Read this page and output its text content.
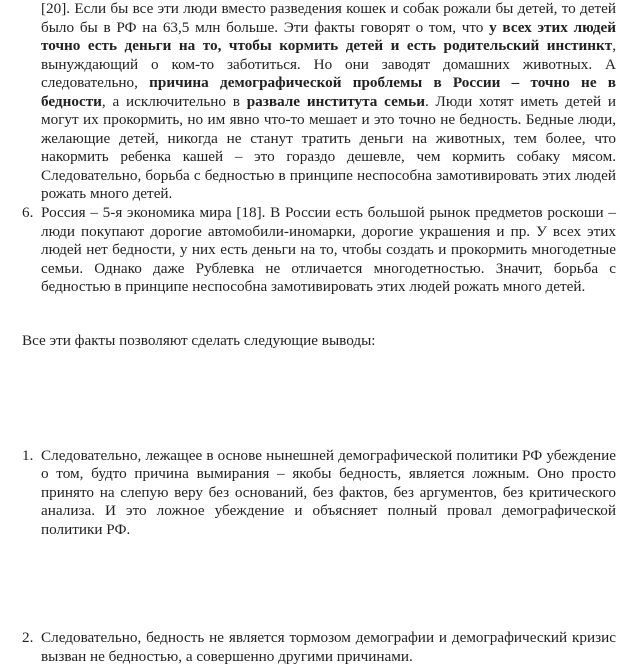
[20]. Если бы все эти люди вместо разведения кошек и собак рожали бы детей, то детей было бы в РФ на 63,5 млн больше. Эти факты говорят о том, что у всех этих людей точно есть деньги на то, чтобы кормить детей и есть родительский инстинкт, вынуждающий о ком-то заботиться. Но они заводят домашних животных. А следовательно, причина демографической проблемы в России – точно не в бедности, а исключительно в развале института семьи. Люди хотят иметь детей и могут их прокормить, но им явно что-то мешает и это точно не бедность. Бедные люди, желающие детей, никогда не станут тратить деньги на животных, тем более, что накормить ребенка кашей – это гораздо дешевле, чем кормить собаку мясом. Следовательно, борьба с бедностью в принципе неспособна замотивировать этих людей рожать много детей.

6. Россия – 5-я экономика мира [18]. В России есть большой рынок предметов роскоши – люди покупают дорогие автомобили-иномарки, дорогие украшения и пр. У всех этих людей нет бедности, у них есть деньги на то, чтобы создать и прокормить многодетные семьи. Однако даже Рублевка не отличается многодетностью. Значит, борьба с бедностью в принципе неспособна замотивировать этих людей рожать много детей.

Все эти факты позволяют сделать следующие выводы:

1. Следовательно, лежащее в основе нынешней демографической политики РФ убеждение о том, будто причина вымирания – якобы бедность, является ложным. Оно просто принято на слепую веру без оснований, без фактов, без аргументов, без критического анализа. И это ложное убеждение и объясняет полный провал демографической политики РФ.

2. Следовательно, бедность не является тормозом демографии и демографический кризис вызван не бедностью, а совершенно другими причинами.
